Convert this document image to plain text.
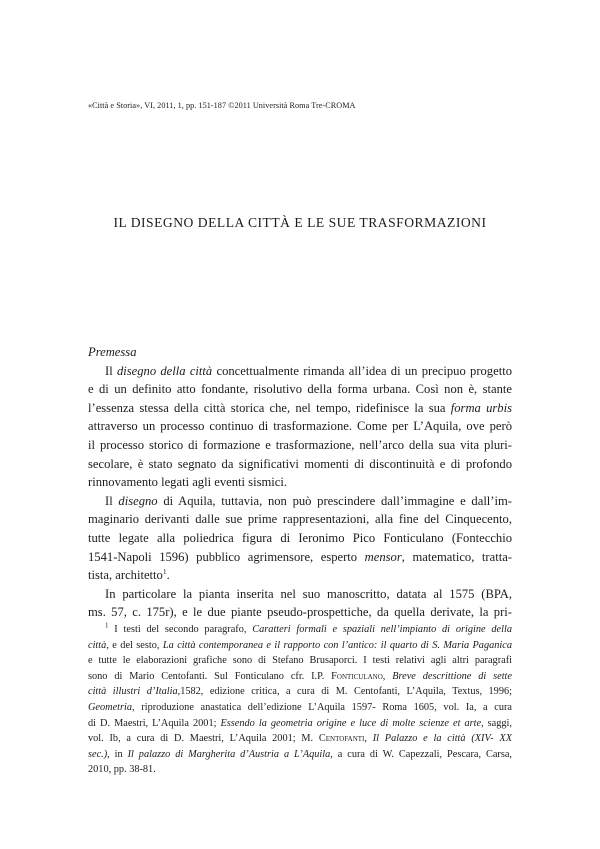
«Città e Storia», VI, 2011, 1, pp. 151-187 ©2011 Università Roma Tre-CROMA
IL DISEGNO DELLA CITTÀ E LE SUE TRASFORMAZIONI
Premessa
Il disegno della città concettualmente rimanda all’idea di un precipuo progetto
e di un definito atto fondante, risolutivo della forma urbana. Così non è, stante
l’essenza stessa della città storica che, nel tempo, ridefinisce la sua forma urbis
attraverso un processo continuo di trasformazione. Come per L’Aquila, ove però
il processo storico di formazione e trasformazione, nell’arco della sua vita pluri-
secolare, è stato segnato da significativi momenti di discontinuità e di profondo
rinnovamento legati agli eventi sismici.
Il disegno di Aquila, tuttavia, non può prescindere dall’immagine e dall’im-
maginario derivanti dalle sue prime rappresentazioni, alla fine del Cinquecento,
tutte legate alla poliedrica figura di Ieronimo Pico Fonticulano (Fontecchio
1541-Napoli 1596) pubblico agrimensore, esperto mensor, matematico, tratta-
tista, architetto$^1$.
In particolare la pianta inserita nel suo manoscritto, datata al 1575 (BPA,
ms. 57, c. 175r), e le due piante pseudo-prospettiche, da quella derivate, la pri-
$^1$ I testi del secondo paragrafo, Caratteri formali e spaziali nell’impianto di origine della
città, e del sesto, La città contemporanea e il rapporto con l’antico: il quarto di S. Maria Paganica
e tutte le elaborazioni grafiche sono di Stefano Brusaporci. I testi relativi agli altri paragrafi
sono di Mario Centofanti. Sul Fonticulano cfr. I.P. Fonticulano, Breve descrittione di sette
città illustri d’Italia,1582, edizione critica, a cura di M. Centofanti, L’Aquila, Textus, 1996;
Geometria, riproduzione anastatica dell’edizione L’Aquila 1597- Roma 1605, vol. Ia, a cura
di D. Maestri, L’Aquila 2001; Essendo la geometria origine e luce di molte scienze et arte, saggi,
vol. Ib, a cura di D. Maestri, L’Aquila 2001; M. Centofanti, Il Palazzo e la città (XIV- XX
sec.), in Il palazzo di Margherita d’Austria a L’Aquila, a cura di W. Capezzali, Pescara, Carsa,
2010, pp. 38-81.
